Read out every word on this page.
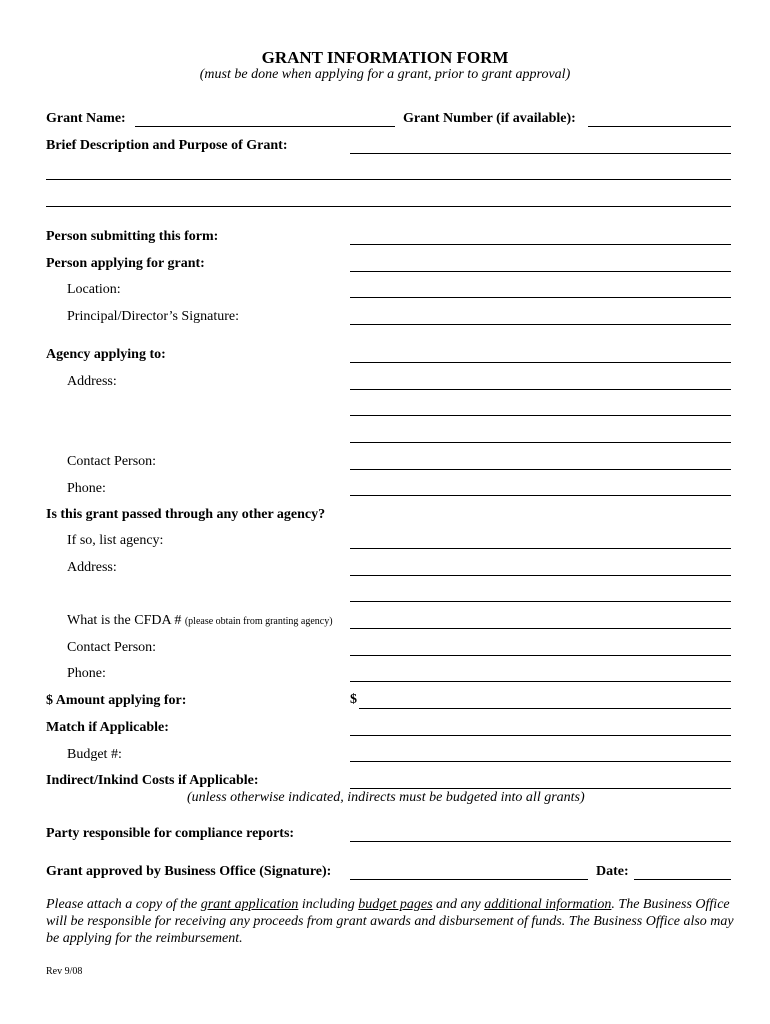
GRANT INFORMATION FORM
(must be done when applying for a grant, prior to grant approval)
Grant Name:	Grant Number (if available):
Brief Description and Purpose of Grant:
Person submitting this form:
Person applying for grant:
Location:
Principal/Director’s Signature:
Agency applying to:
Address:
Contact Person:
Phone:
Is this grant passed through any other agency?
If so, list agency:
Address:
What is the CFDA # (please obtain from granting agency)
Contact Person:
Phone:
$ Amount applying for:	$
Match if Applicable:
Budget #:
Indirect/Inkind Costs if Applicable:
(unless otherwise indicated, indirects must be budgeted into all grants)
Party responsible for compliance reports:
Grant approved by Business Office (Signature):	Date:
Please attach a copy of the grant application including budget pages and any additional information. The Business Office will be responsible for receiving any proceeds from grant awards and disbursement of funds. The Business Office also may be applying for the reimbursement.
Rev 9/08
